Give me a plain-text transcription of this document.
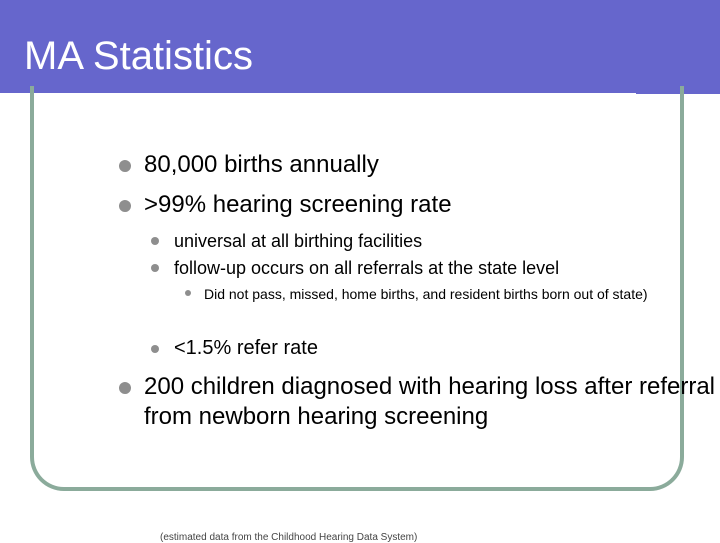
MA Statistics
80,000 births annually
>99% hearing screening rate
universal at all birthing facilities
follow-up occurs on all referrals at the state level
Did not pass, missed, home births, and resident births born out of state)
<1.5% refer rate
200 children diagnosed with hearing loss after referral from newborn hearing screening
(estimated data from the Childhood Hearing Data System)
